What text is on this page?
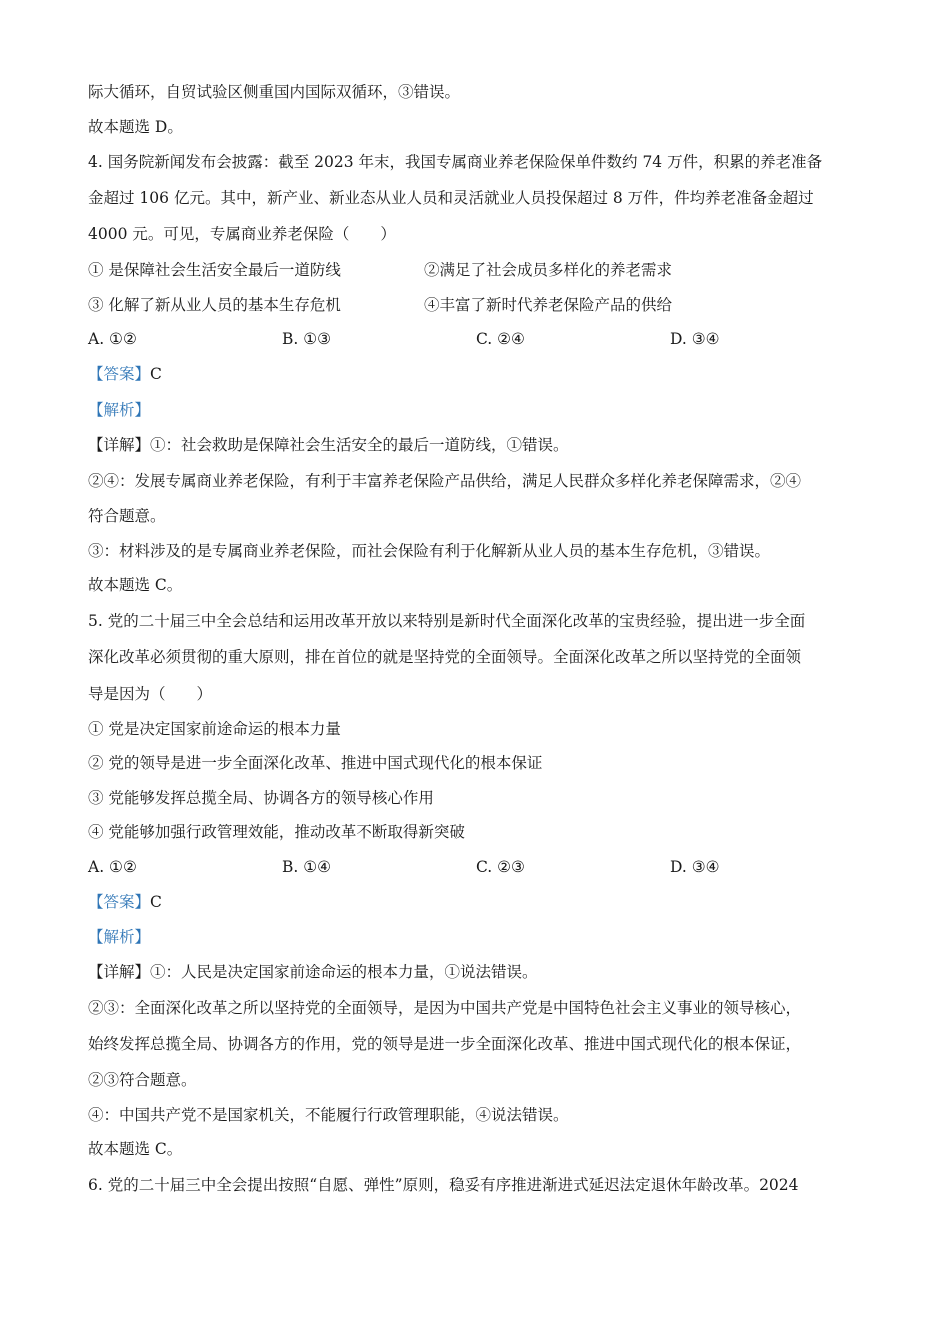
际大循环，自贸试验区侧重国内国际双循环，③错误。
故本题选 D。
4. 国务院新闻发布会披露：截至 2023 年末，我国专属商业养老保险保单件数约 74 万件，积累的养老准备
金超过 106 亿元。其中，新产业、新业态从业人员和灵活就业人员投保超过 8 万件，件均养老准备金超过
4000 元。可见，专属商业养老保险（　　）
① 是保障社会生活安全最后一道防线	②满足了社会成员多样化的养老需求
③ 化解了新从业人员的基本生存危机	④丰富了新时代养老保险产品的供给
A. ①②	B. ①③	C. ②④	D. ③④
【答案】C
【解析】
【详解】①：社会救助是保障社会生活安全的最后一道防线，①错误。
②④：发展专属商业养老保险，有利于丰富养老保险产品供给，满足人民群众多样化养老保障需求，②④
符合题意。
③：材料涉及的是专属商业养老保险，而社会保险有利于化解新从业人员的基本生存危机，③错误。
故本题选 C。
5. 党的二十届三中全会总结和运用改革开放以来特别是新时代全面深化改革的宝贵经验，提出进一步全面
深化改革必须贯彻的重大原则，排在首位的就是坚持党的全面领导。全面深化改革之所以坚持党的全面领
导是因为（　　）
① 党是决定国家前途命运的根本力量
② 党的领导是进一步全面深化改革、推进中国式现代化的根本保证
③ 党能够发挥总揽全局、协调各方的领导核心作用
④ 党能够加强行政管理效能，推动改革不断取得新突破
A. ①②	B. ①④	C. ②③	D. ③④
【答案】C
【解析】
【详解】①：人民是决定国家前途命运的根本力量，①说法错误。
②③：全面深化改革之所以坚持党的全面领导，是因为中国共产党是中国特色社会主义事业的领导核心，
始终发挥总揽全局、协调各方的作用，党的领导是进一步全面深化改革、推进中国式现代化的根本保证，
②③符合题意。
④：中国共产党不是国家机关，不能履行行政管理职能，④说法错误。
故本题选 C。
6. 党的二十届三中全会提出按照“自愿、弹性”原则，稳妥有序推进渐进式延迟法定退休年龄改革。2024
